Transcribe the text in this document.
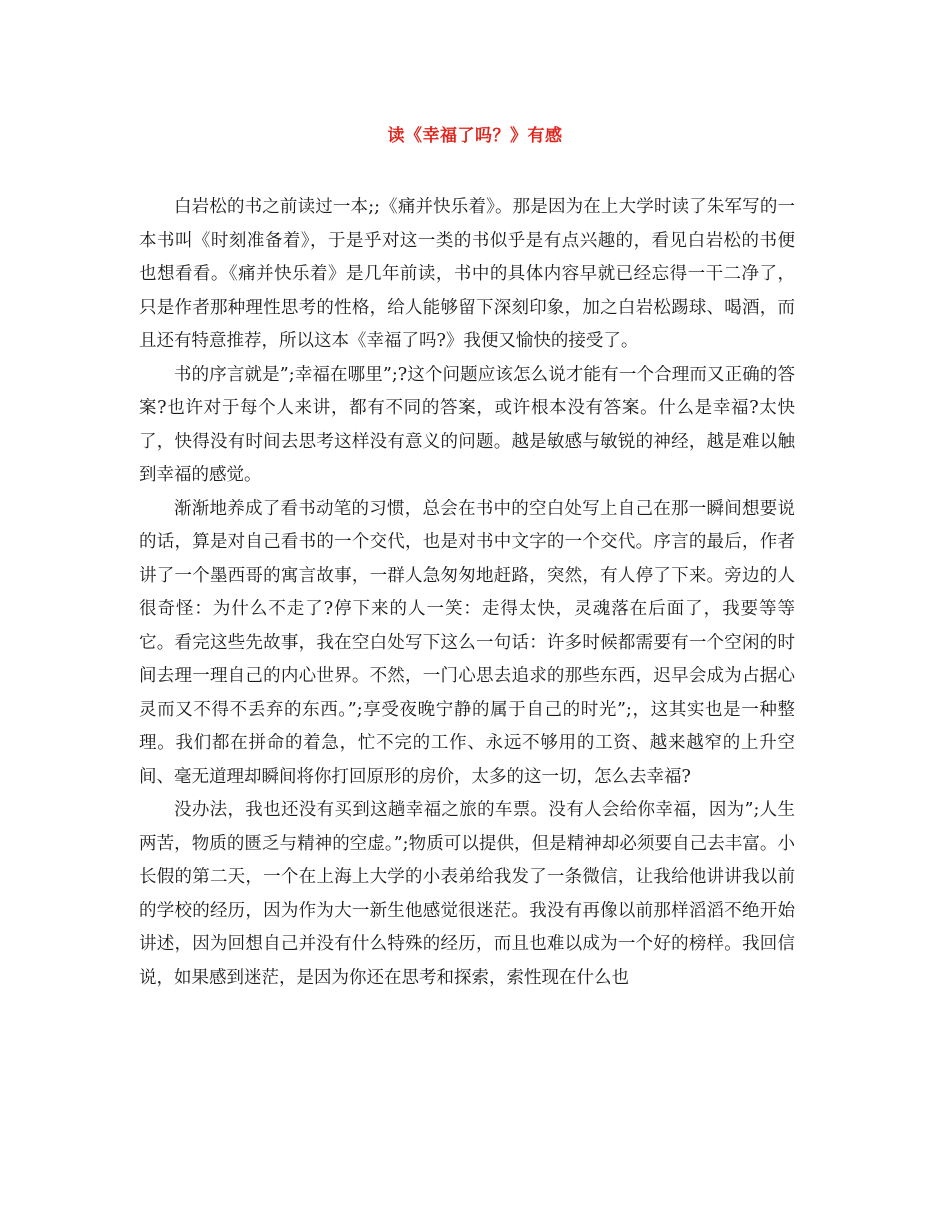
读《幸福了吗？》有感

白岩松的书之前读过一本;;《痛并快乐着》。那是因为在上大学时读了朱军写的一本书叫《时刻准备着》，于是乎对这一类的书似乎是有点兴趣的，看见白岩松的书便也想看看。《痛并快乐着》是几年前读，书中的具体内容早就已经忘得一干二净了，只是作者那种理性思考的性格，给人能够留下深刻印象，加之白岩松踢球、喝酒，而且还有特意推荐，所以这本《幸福了吗?》我便又愉快的接受了。

书的序言就是”;幸福在哪里”;?这个问题应该怎么说才能有一个合理而又正确的答案?也许对于每个人来讲，都有不同的答案，或许根本没有答案。什么是幸福?太快了，快得没有时间去思考这样没有意义的问题。越是敏感与敏锐的神经，越是难以触到幸福的感觉。

渐渐地养成了看书动笔的习惯，总会在书中的空白处写上自己在那一瞬间想要说的话，算是对自己看书的一个交代，也是对书中文字的一个交代。序言的最后，作者讲了一个墨西哥的寓言故事，一群人急匆匆地赶路，突然，有人停了下来。旁边的人很奇怪：为什么不走了?停下来的人一笑：走得太快，灵魂落在后面了，我要等等它。看完这些先故事，我在空白处写下这么一句话：许多时候都需要有一个空闲的时间去理一理自己的内心世界。不然，一门心思去追求的那些东西，迟早会成为占据心灵而又不得不丢弃的东西。”;享受夜晚宁静的属于自己的时光”;，这其实也是一种整理。我们都在拼命的着急，忙不完的工作、永远不够用的工资、越来越窄的上升空间、毫无道理却瞬间将你打回原形的房价，太多的这一切，怎么去幸福?

没办法，我也还没有买到这趟幸福之旅的车票。没有人会给你幸福，因为”;人生两苦，物质的匮乏与精神的空虚。”;物质可以提供，但是精神却必须要自己去丰富。小长假的第二天，一个在上海上大学的小表弟给我发了一条微信，让我给他讲讲我以前的学校的经历，因为作为大一新生他感觉很迷茫。我没有再像以前那样滔滔不绝开始讲述，因为回想自己并没有什么特殊的经历，而且也难以成为一个好的榜样。我回信说，如果感到迷茫，是因为你还在思考和探索，索性现在什么也
